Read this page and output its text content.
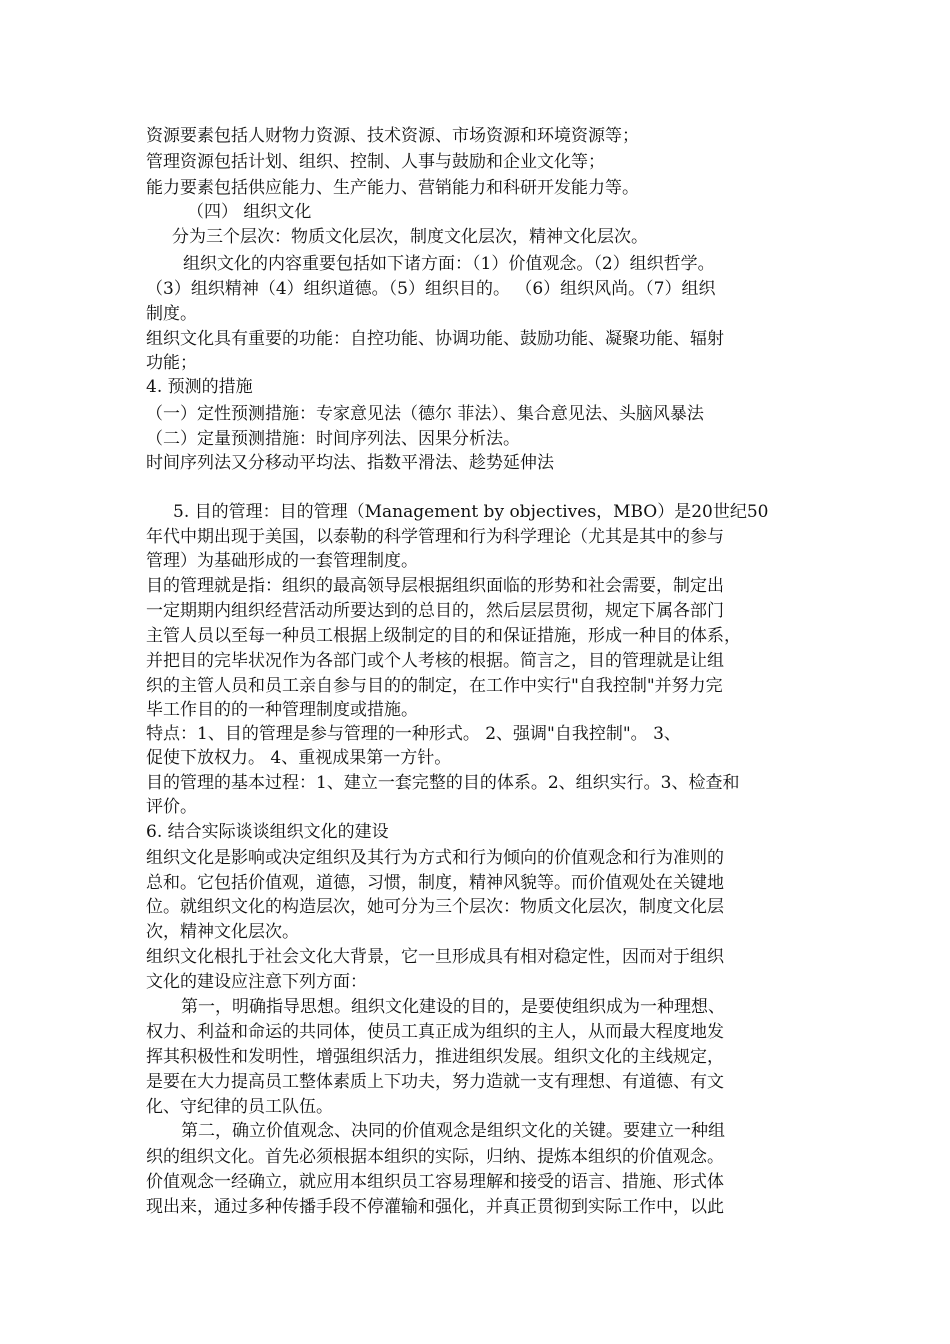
资源要素包括人财物力资源、技术资源、市场资源和环境资源等；
管理资源包括计划、组织、控制、人事与鼓励和企业文化等；
能力要素包括供应能力、生产能力、营销能力和科研开发能力等。
（四） 组织文化
分为三个层次：物质文化层次，制度文化层次，精神文化层次。
组织文化的内容重要包括如下诸方面：（1）价值观念。（2）组织哲学。
（3）组织精神（4）组织道德。（5）组织目的。 （6）组织风尚。（7）组织
制度。
组织文化具有重要的功能：自控功能、协调功能、鼓励功能、凝聚功能、辐射
功能；
4. 预测的措施
（一）定性预测措施：专家意见法（德尔 菲法）、集合意见法、头脑风暴法
（二）定量预测措施：时间序列法、因果分析法。
时间序列法又分移动平均法、指数平滑法、趁势延伸法
5. 目的管理：目的管理（Management by objectives，MBO）是20世纪50
年代中期出现于美国，以泰勒的科学管理和行为科学理论（尤其是其中的参与
管理）为基础形成的一套管理制度。
目的管理就是指：组织的最高领导层根据组织面临的形势和社会需要，制定出
一定期期内组织经营活动所要达到的总目的，然后层层贯彻，规定下属各部门
主管人员以至每一种员工根据上级制定的目的和保证措施，形成一种目的体系，
并把目的完毕状况作为各部门或个人考核的根据。简言之，目的管理就是让组
织的主管人员和员工亲自参与目的的制定，在工作中实行"自我控制"并努力完
毕工作目的的一种管理制度或措施。
特点：1、目的管理是参与管理的一种形式。 2、强调"自我控制"。 3、
促使下放权力。 4、重视成果第一方针。
目的管理的基本过程：1、建立一套完整的目的体系。2、组织实行。3、检查和
评价。
6. 结合实际谈谈组织文化的建设
组织文化是影响或决定组织及其行为方式和行为倾向的价值观念和行为准则的
总和。它包括价值观，道德，习惯，制度，精神风貌等。而价值观处在关键地
位。就组织文化的构造层次，她可分为三个层次：物质文化层次，制度文化层
次，精神文化层次。
组织文化根扎于社会文化大背景，它一旦形成具有相对稳定性，因而对于组织
文化的建设应注意下列方面：
第一，明确指导思想。组织文化建设的目的，是要使组织成为一种理想、
权力、利益和命运的共同体，使员工真正成为组织的主人，从而最大程度地发
挥其积极性和发明性，增强组织活力，推进组织发展。组织文化的主线规定，
是要在大力提高员工整体素质上下功夫，努力造就一支有理想、有道德、有文
化、守纪律的员工队伍。
第二，确立价值观念、决同的价值观念是组织文化的关键。要建立一种组
织的组织文化。首先必须根据本组织的实际，归纳、提炼本组织的价值观念。
价值观念一经确立，就应用本组织员工容易理解和接受的语言、措施、形式体
现出来，通过多种传播手段不停灌输和强化，并真正贯彻到实际工作中，以此
